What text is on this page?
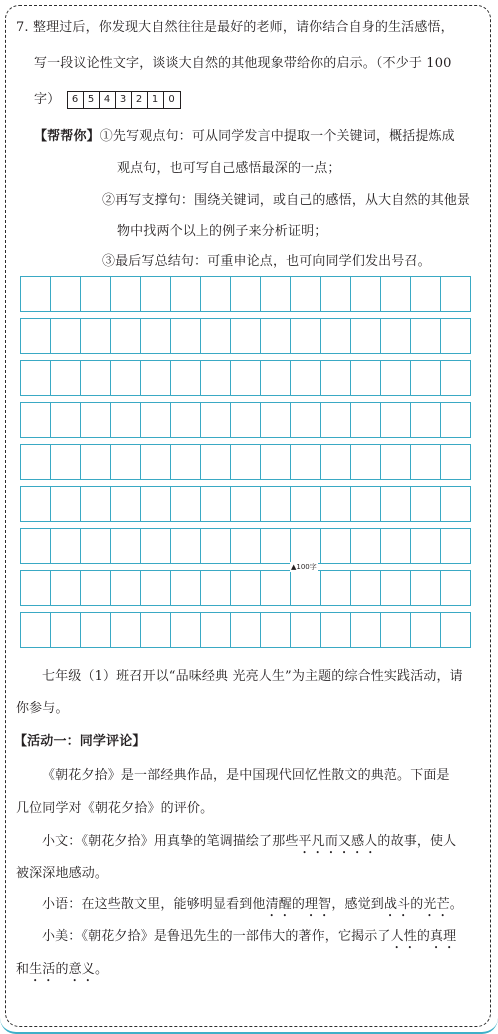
7. 整理过后，你发现大自然往往是最好的老师，请你结合自身的生活感悟，
写一段议论性文字，谈谈大自然的其他现象带给你的启示。（不少于 100
字）	6 5 4 3 2 1 0
【帮帮你】①先写观点句：可从同学发言中提取一个关键词，概括提炼成
观点句，也可写自己感悟最深的一点；
②再写支撑句：围绕关键词，或自己的感悟，从大自然的其他景
物中找两个以上的例子来分析证明；
③最后写总结句：可重申论点，也可向同学们发出号召。
▲100字
七年级（1）班召开以“品味经典 光亮人生”为主题的综合性实践活动，请
你参与。
【活动一：同学评论】
《朝花夕拾》是一部经典作品，是中国现代回忆性散文的典范。下面是
几位同学对《朝花夕拾》的评价。
小文：《朝花夕拾》用真挚的笔调描绘了那些平凡而又感人的故事，使人
被深深地感动。
小语：在这些散文里，能够明显看到他清醒的理智，感觉到战斗的光芒。
小美：《朝花夕拾》是鲁迅先生的一部伟大的著作，它揭示了人性的真理
和生活的意义。
